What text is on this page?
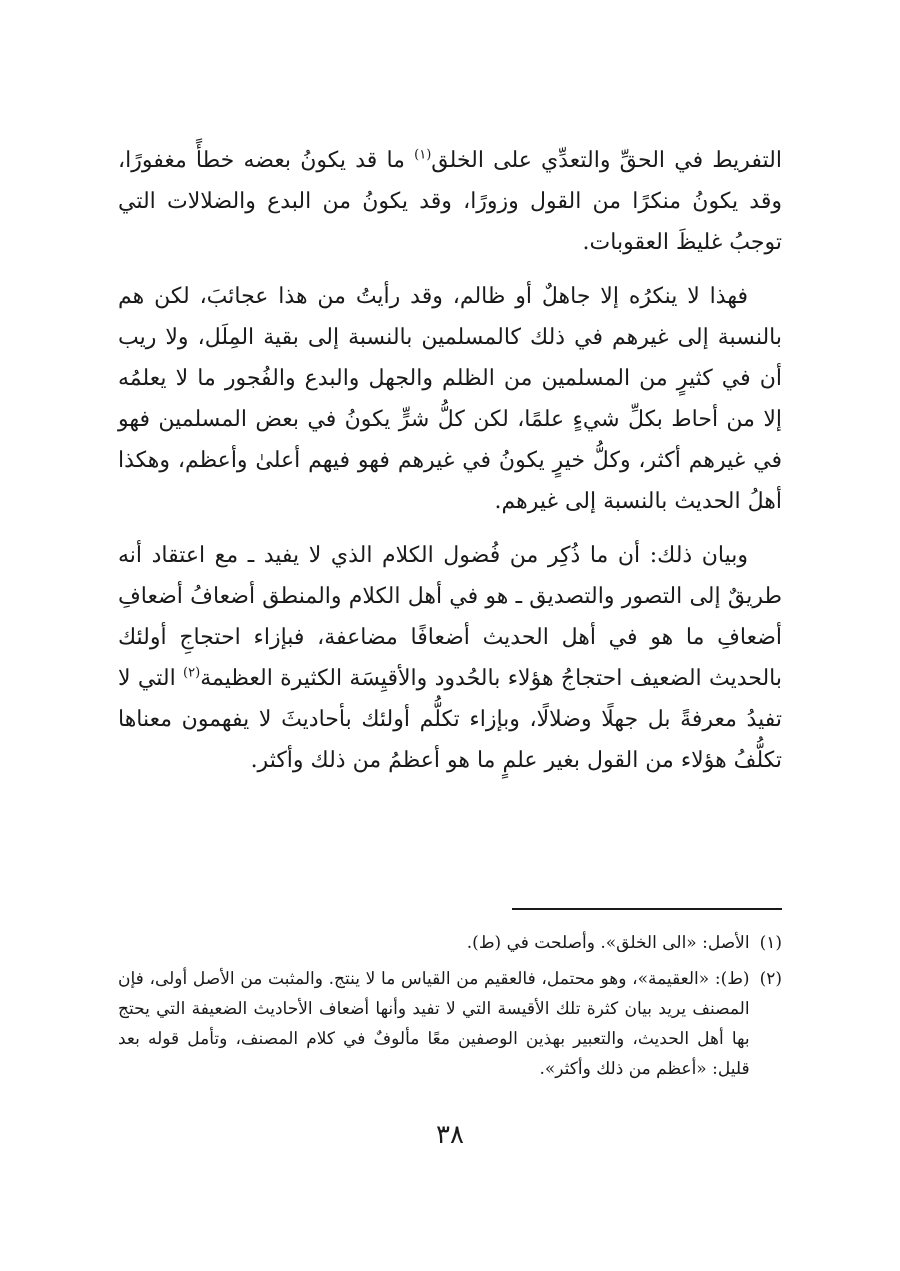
التفريط في الحقِّ والتعدِّي على الخلق$^{(١)}$ ما قد يكونُ بعضه خطأً مغفورًا، وقد يكونُ منكرًا من القول وزورًا، وقد يكونُ من البدع والضلالات التي توجبُ غليظَ العقوبات.

فهذا لا ينكرُه إلا جاهلٌ أو ظالم، وقد رأيتُ من هذا عجائبَ، لكن هم بالنسبة إلى غيرهم في ذلك كالمسلمين بالنسبة إلى بقية المِلَل، ولا ريب أن في كثيرٍ من المسلمين من الظلم والجهل والبدع والفُجور ما لا يعلمُه إلا من أحاط بكلِّ شيءٍ علمًا، لكن كلُّ شرٍّ يكونُ في بعض المسلمين فهو في غيرهم أكثر، وكلُّ خيرٍ يكونُ في غيرهم فهو فيهم أعلىٰ وأعظم، وهكذا أهلُ الحديث بالنسبة إلى غيرهم.

وبيان ذلك: أن ما ذُكِر من فُضول الكلام الذي لا يفيد ـ مع اعتقاد أنه طريقٌ إلى التصور والتصديق ـ هو في أهل الكلام والمنطق أضعافُ أضعافِ أضعافِ ما هو في أهل الحديث أضعافًا مضاعفة، فبإزاء احتجاجِ أولئك بالحديث الضعيف احتجاجُ هؤلاء بالحُدود والأقيِسَة الكثيرة العظيمة$^{(٢)}$ التي لا تفيدُ معرفةً بل جهلًا وضلالًا، وبإزاء تكلُّم أولئك بأحاديثَ لا يفهمون معناها تكلُّفُ هؤلاء من القول بغير علمٍ ما هو أعظمُ من ذلك وأكثر.

(١)
الأصل: «الى الخلق». وأصلحت في (ط).
(٢)
(ط): «العقيمة»، وهو محتمل، فالعقيم من القياس ما لا ينتج. والمثبت من الأصل أولى، فإن المصنف يريد بيان كثرة تلك الأقيسة التي لا تفيد وأنها أضعاف الأحاديث الضعيفة التي يحتج بها أهل الحديث، والتعبير بهذين الوصفين معًا مألوفٌ في كلام المصنف، وتأمل قوله بعد قليل: «أعظم من ذلك وأكثر».
٣٨
